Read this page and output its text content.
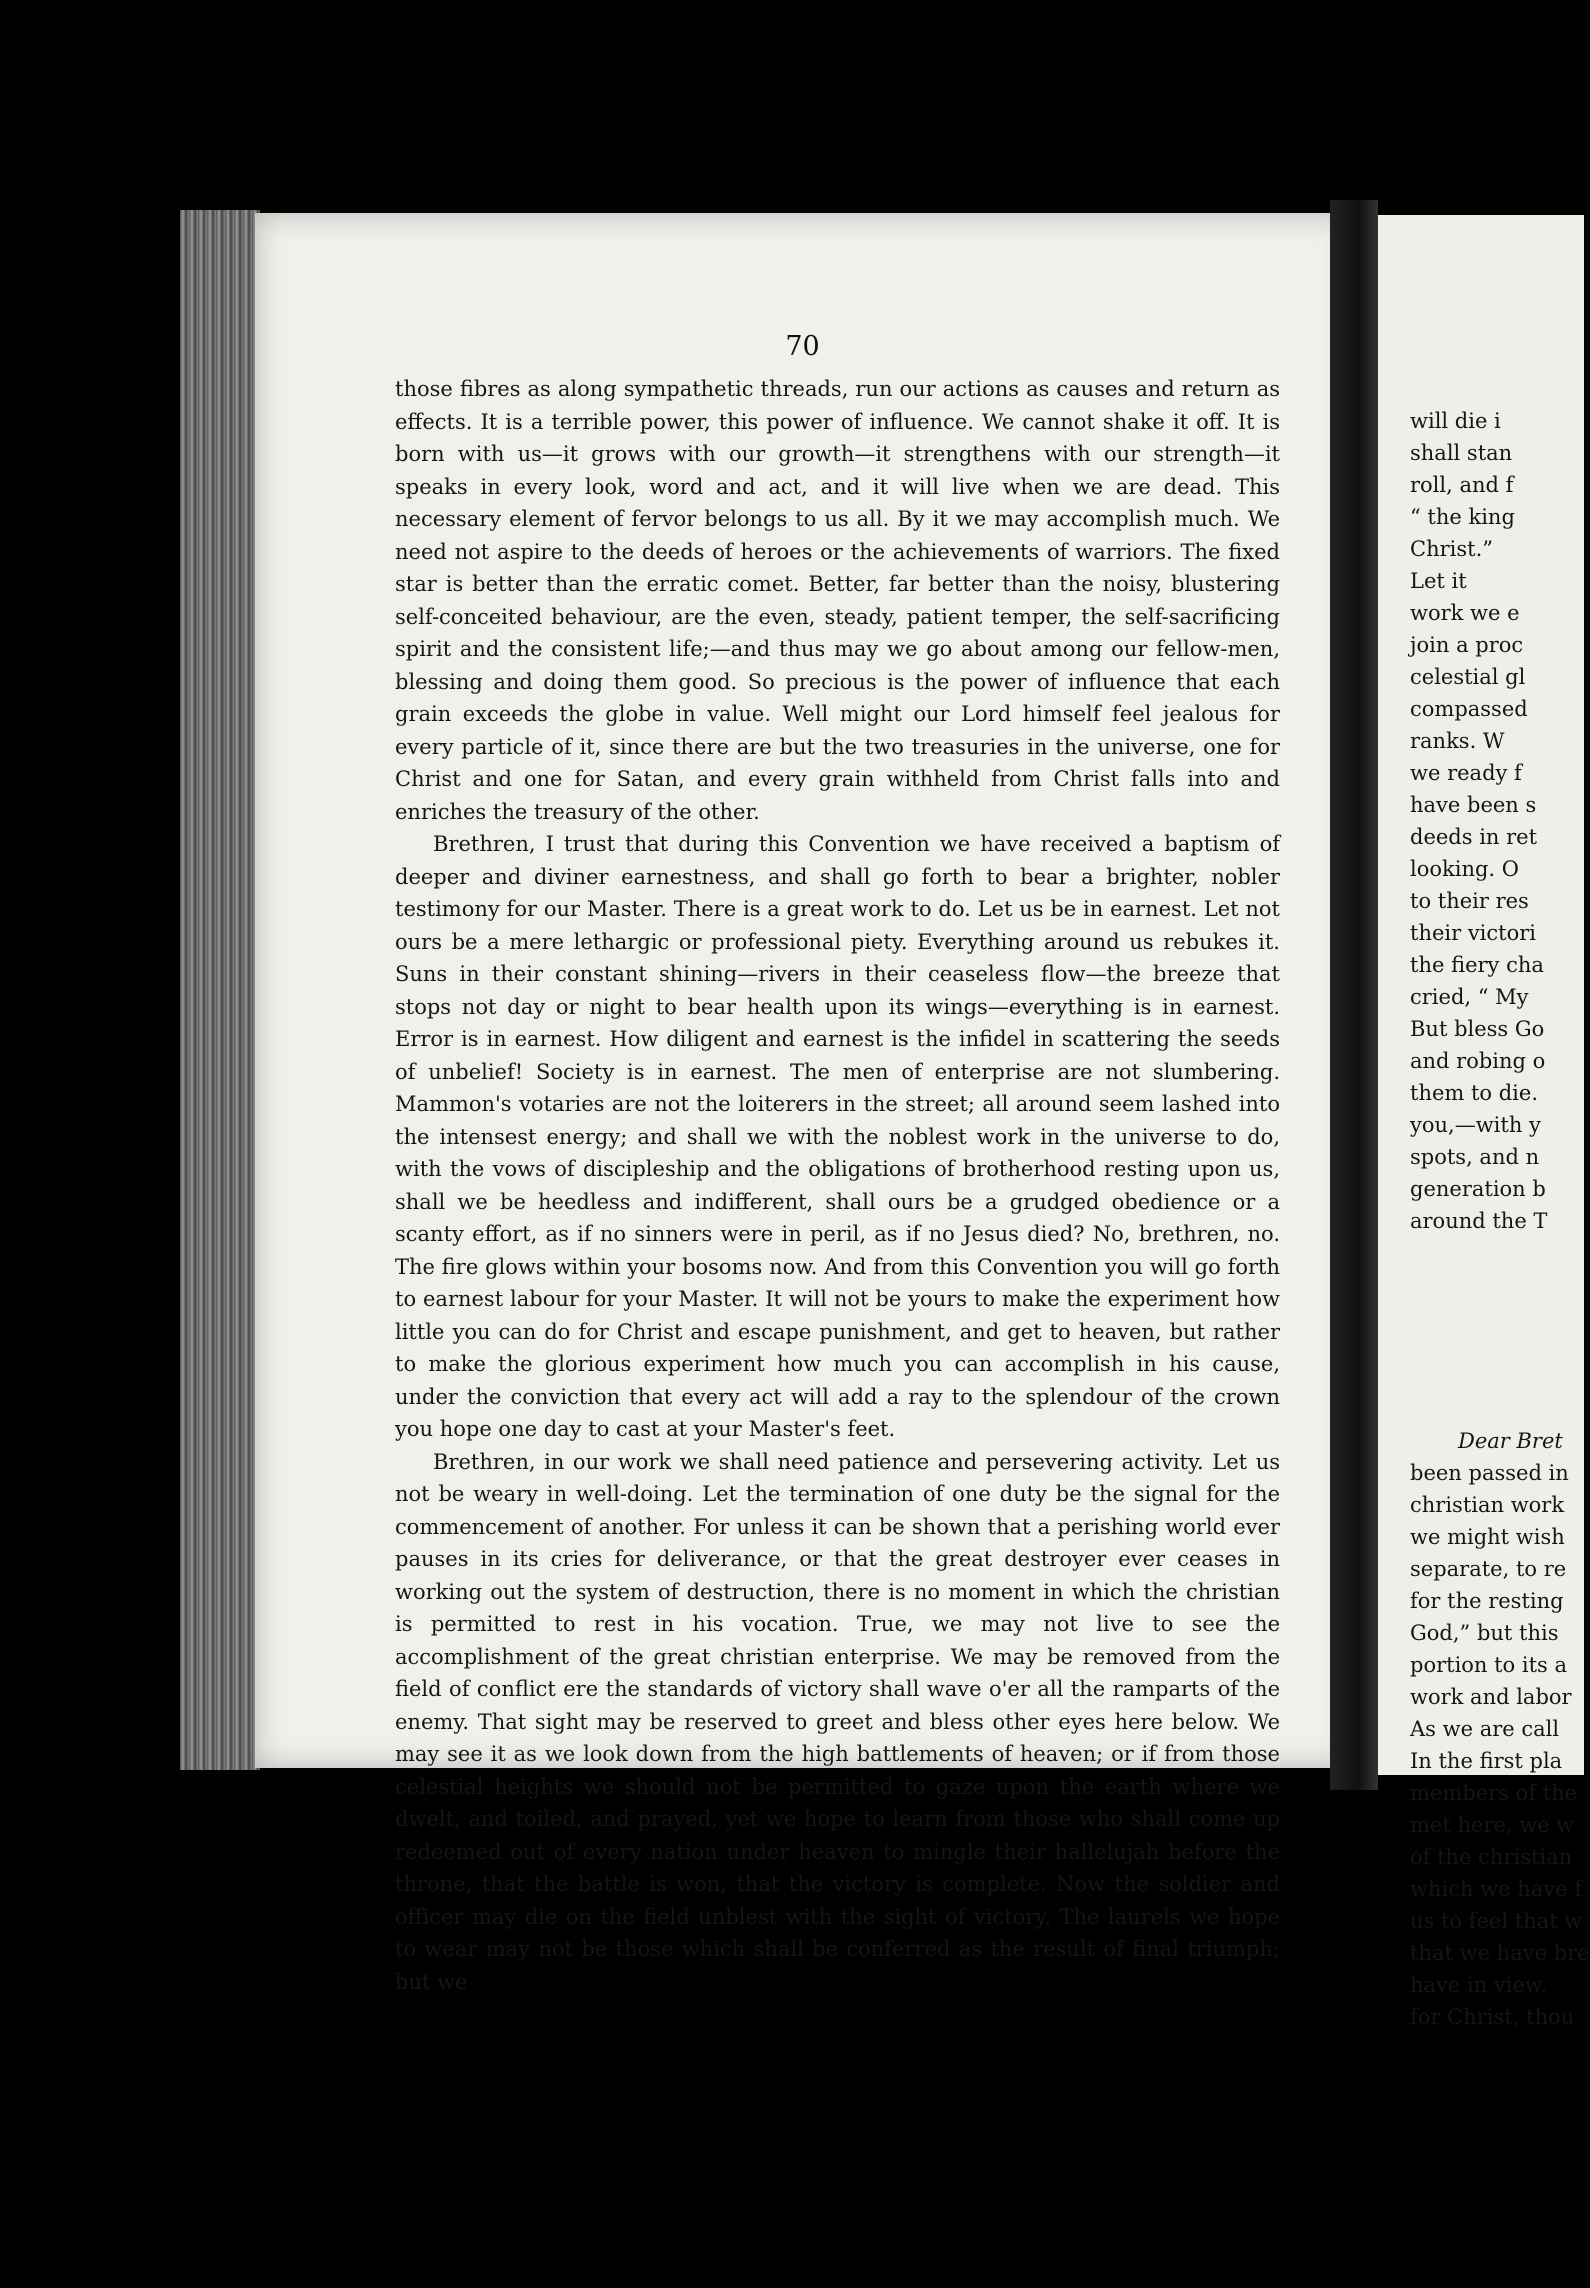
70

those fibres as along sympathetic threads, run our actions as causes and return as effects. It is a terrible power, this power of influence. We cannot shake it off. It is born with us—it grows with our growth—it strengthens with our strength—it speaks in every look, word and act, and it will live when we are dead. This necessary element of fervor belongs to us all. By it we may accomplish much. We need not aspire to the deeds of heroes or the achievements of warriors. The fixed star is better than the erratic comet. Better, far better than the noisy, blustering self-conceited behaviour, are the even, steady, patient temper, the self-sacrificing spirit and the consistent life;—and thus may we go about among our fellow-men, blessing and doing them good. So precious is the power of influence that each grain exceeds the globe in value. Well might our Lord himself feel jealous for every particle of it, since there are but the two treasuries in the universe, one for Christ and one for Satan, and every grain withheld from Christ falls into and enriches the treasury of the other.

Brethren, I trust that during this Convention we have received a baptism of deeper and diviner earnestness, and shall go forth to bear a brighter, nobler testimony for our Master. There is a great work to do. Let us be in earnest. Let not ours be a mere lethargic or professional piety. Everything around us rebukes it. Suns in their constant shining—rivers in their ceaseless flow—the breeze that stops not day or night to bear health upon its wings—everything is in earnest. Error is in earnest. How diligent and earnest is the infidel in scattering the seeds of unbelief! Society is in earnest. The men of enterprise are not slumbering. Mammon's votaries are not the loiterers in the street; all around seem lashed into the intensest energy; and shall we with the noblest work in the universe to do, with the vows of discipleship and the obligations of brotherhood resting upon us, shall we be heedless and indifferent, shall ours be a grudged obedience or a scanty effort, as if no sinners were in peril, as if no Jesus died? No, brethren, no. The fire glows within your bosoms now. And from this Convention you will go forth to earnest labour for your Master. It will not be yours to make the experiment how little you can do for Christ and escape punishment, and get to heaven, but rather to make the glorious experiment how much you can accomplish in his cause, under the conviction that every act will add a ray to the splendour of the crown you hope one day to cast at your Master's feet.

Brethren, in our work we shall need patience and persevering activity. Let us not be weary in well-doing. Let the termination of one duty be the signal for the commencement of another. For unless it can be shown that a perishing world ever pauses in its cries for deliverance, or that the great destroyer ever ceases in working out the system of destruction, there is no moment in which the christian is permitted to rest in his vocation. True, we may not live to see the accomplishment of the great christian enterprise. We may be removed from the field of conflict ere the standards of victory shall wave o'er all the ramparts of the enemy. That sight may be reserved to greet and bless other eyes here below. We may see it as we look down from the high battlements of heaven; or if from those celestial heights we should not be permitted to gaze upon the earth where we dwelt, and toiled, and prayed, yet we hope to learn from those who shall come up redeemed out of every nation under heaven to mingle their hallelujah before the throne, that the battle is won, that the victory is complete. Now the soldier and officer may die on the field unblest with the sight of victory. The laurels we hope to wear may not be those which shall be conferred as the result of final triumph; but we

will die i
shall stan
roll, and f
“ the king
Christ.”
Let it
work we e
join a proc
celestial gl
compassed
ranks. W
we ready f
have been s
deeds in ret
looking. O
to their res
their victori
the fiery cha
cried, “ My
But bless Go
and robing o
them to die.
you,—with y
spots, and n
generation b
around the T
Dear Bret
been passed in
christian work
we might wish
separate, to re
for the resting
God,” but this
portion to its a
work and labor
As we are call
In the first pla
members of the
met here, we w
of the christian
which we have f
us to feel that w
that we have bre
have in view.
for Christ, thou
